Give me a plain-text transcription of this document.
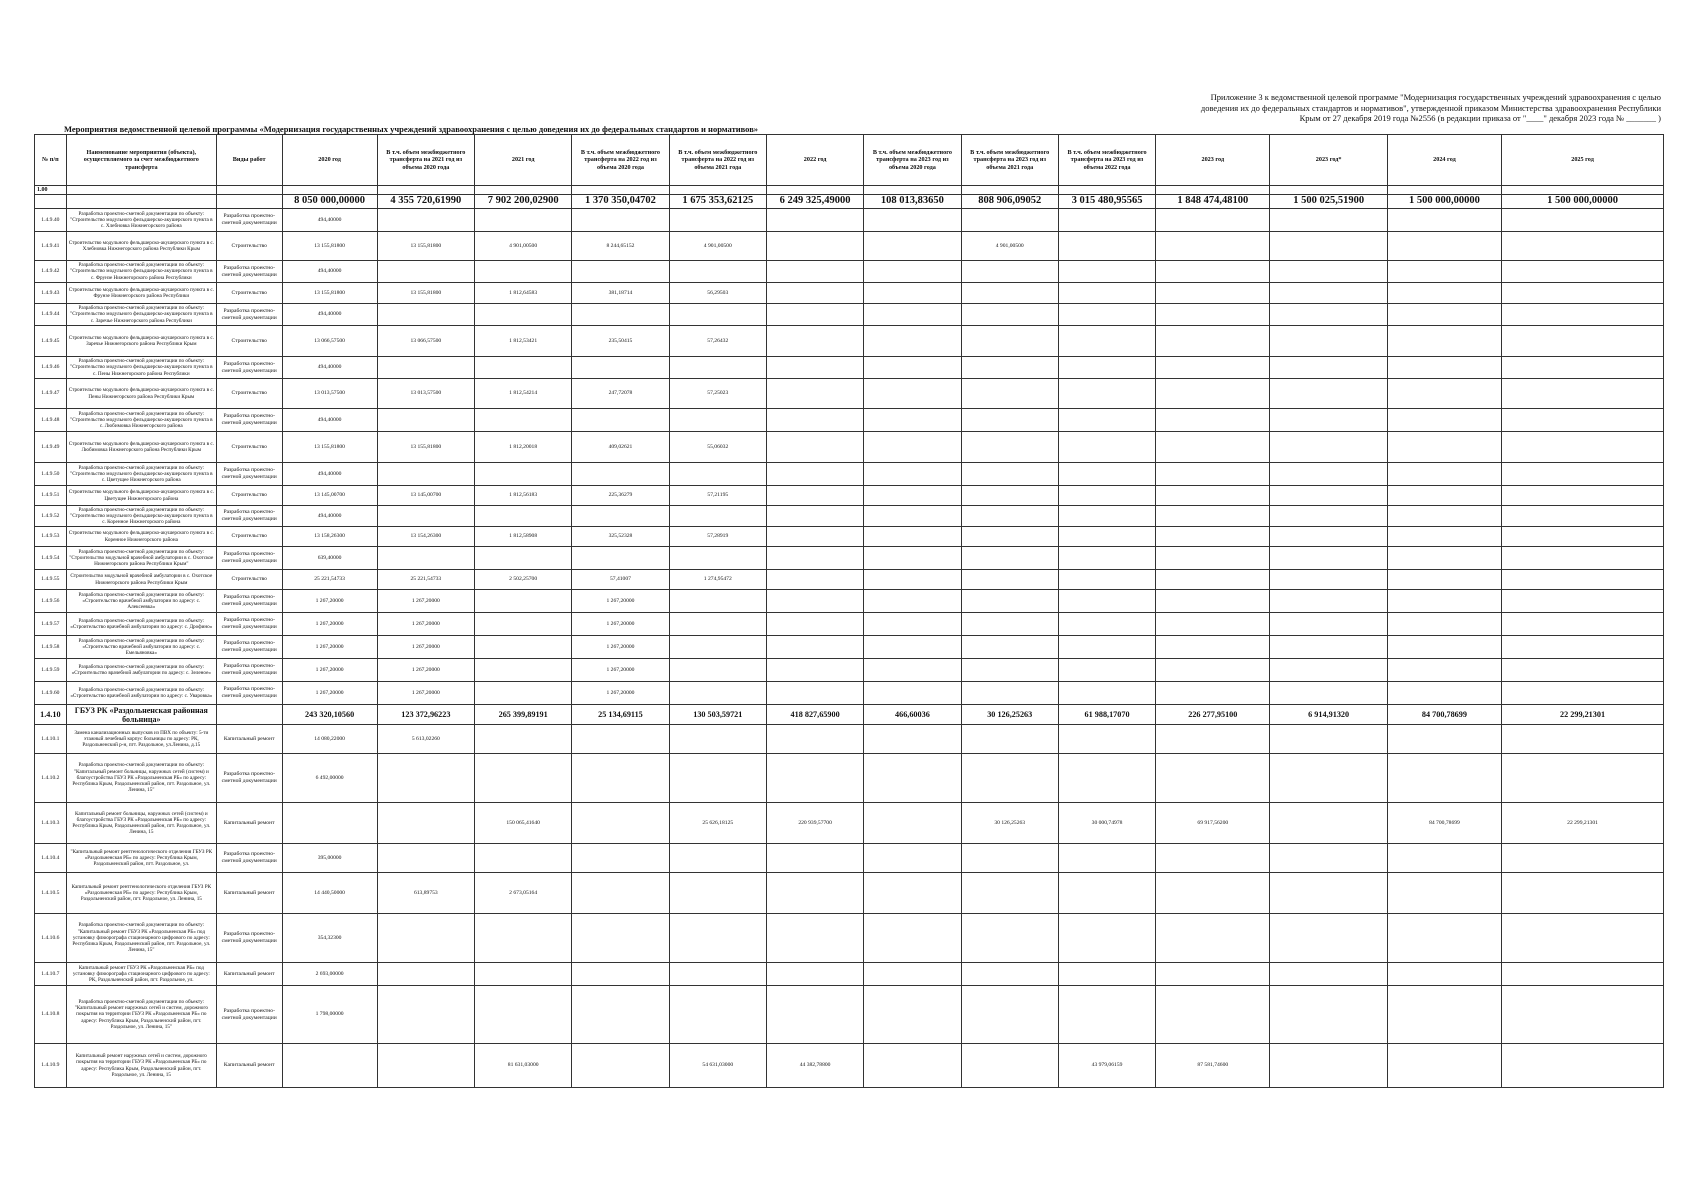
Приложение 3 к ведомственной целевой программе "Модернизация государственных учреждений здравоохранения с целью доведения их до федеральных стандартов и нормативов", утвержденной приказом Министерства здравоохранения Республики Крым от 27 декабря 2019 года №2556 (в редакции приказа от "____" декабря 2023 года № _______ )
Мероприятия ведомственной целевой программы «Модернизация государственных учреждений здравоохранения с целью доведения их до федеральных стандартов и нормативов»
№ п/п	Наименование мероприятия (объекта), осуществляемого за счет межбюджетного трансферта	Виды работ	2020 год	В т.ч. объем межбюджетного трансферта на 2021 год из объема 2020 года	2021 год	В т.ч. объем межбюджетного трансферта на 2022 год из объема 2020 года	В т.ч. объем межбюджетного трансферта на 2022 год из объема 2021 года	2022 год	В т.ч. объем межбюджетного трансферта на 2023 год из объема 2020 года	В т.ч. объем межбюджетного трансферта на 2023 год из объема 2021 года	В т.ч. объем межбюджетного трансферта на 2023 год из объема 2022 года	2023 год	2023 год*	2024 год	2025 год
1.00															
			8 050 000,00000	4 355 720,61990	7 902 200,02900	1 370 350,04702	1 675 353,62125	6 249 325,49000	108 013,83650	808 906,09052	3 015 480,95565	1 848 474,48100	1 500 025,51900	1 500 000,00000	1 500 000,00000
1.4.9.40	Разработка проектно-сметной документации по объекту: "Строительство модульного фельдшерско-акушерского пункта в с. Хлебновка Нижнегорского района	Разработка проектно-сметной документации	494,40000												
1.4.9.41	Строительство модульного фельдшерско-акушерского пункта в с. Хлебновка Нижнегорского района Республики Крым	Строительство	13 155,81800	13 155,81800	4 901,00500	8 244,65152	4 901,00500			4 901,00500					
1.4.9.42	Разработка проектно-сметной документации по объекту: "Строительство модульного фельдшерско-акушерского пункта в с. Фрунзе Нижнегорского района Республики	Разработка проектно-сметной документации	494,40000												
1.4.9.43	Строительство модульного фельдшерско-акушерского пункта в с. Фрунзе Нижнегорского района Республики	Строительство	13 155,81800	13 155,81800	1 812,64583	381,18714	56,29503								
1.4.9.44	Разработка проектно-сметной документации по объекту: "Строительство модульного фельдшерско-акушерского пункта в с. Заречье Нижнегорского района Республики	Разработка проектно-сметной документации	494,40000												
1.4.9.45	Строительство модульного фельдшерско-акушерского пункта в с. Заречье Нижнегорского района Республики Крым	Строительство	13 066,57500	13 066,57500	1 812,53421	235,50415	57,26432								
1.4.9.46	Разработка проектно-сметной документации по объекту: "Строительство модульного фельдшерско-акушерского пункта в с. Пены Нижнегорского района Республики	Разработка проектно-сметной документации	494,40000												
1.4.9.47	Строительство модульного фельдшерско-акушерского пункта в с. Пены Нижнегорского района Республики Крым	Строительство	13 013,57500	13 013,57500	1 812,54214	247,72078	57,25023								
1.4.9.48	Разработка проектно-сметной документации по объекту: "Строительство модульного фельдшерско-акушерского пункта в с. Любимовка Нижнегорского района	Разработка проектно-сметной документации	494,40000												
1.4.9.49	Строительство модульного фельдшерско-акушерского пункта в с. Любимовка Нижнегорского района Республики Крым	Строительство	13 155,81800	13 155,81800	1 812,20018	409,02621	55,06032								
1.4.9.50	Разработка проектно-сметной документации по объекту: "Строительство модульного фельдшерско-акушерского пункта в с. Цветущее Нижнегорского района	Разработка проектно-сметной документации	494,40000												
1.4.9.51	Строительство модульного фельдшерско-акушерского пункта в с. Цветущее Нижнегорского района	Строительство	13 145,00700	13 145,00700	1 812,56183	225,36279	57,21195								
1.4.9.52	Разработка проектно-сметной документации по объекту: "Строительство модульного фельдшерско-акушерского пункта в с. Коренное Нижнегорского района	Разработка проектно-сметной документации	494,40000												
1.4.9.53	Строительство модульного фельдшерско-акушерского пункта в с. Коренное Нижнегорского района	Строительство	13 158,26300	13 154,26300	1 812,58908	325,52328	57,28919								
1.4.9.54	Разработка проектно-сметной документации по объекту: "Строительство модульной врачебной амбулатории в с. Охотское Нижнегорского района Республики Крым"	Разработка проектно-сметной документации	639,40000												
1.4.9.55	Строительство модульной врачебной амбулатории в с. Охотское Нижнегорского района Республики Крым	Строительство	25 221,54733	25 221,54733	2 502,25700	57,41007	1 274,95472								
1.4.9.56	Разработка проектно-сметной документации по объекту: «Строительство врачебной амбулатории по адресу: с. Алексеевка»	Разработка проектно-сметной документации	1 267,20000	1 267,20000		1 267,20000									
1.4.9.57	Разработка проектно-сметной документации по объекту: «Строительство врачебной амбулатории по адресу: с. Дрофино»	Разработка проектно-сметной документации	1 267,20000	1 267,20000		1 267,20000									
1.4.9.58	Разработка проектно-сметной документации по объекту: «Строительство врачебной амбулатории по адресу: с. Емельяновка»	Разработка проектно-сметной документации	1 267,20000	1 267,20000		1 267,20000									
1.4.9.59	Разработка проектно-сметной документации по объекту: «Строительство врачебной амбулатории по адресу: с. Зеленое»	Разработка проектно-сметной документации	1 267,20000	1 267,20000		1 267,20000									
1.4.9.60	Разработка проектно-сметной документации по объекту: «Строительство врачебной амбулатории по адресу: с. Уваровка»	Разработка проектно-сметной документации	1 267,20000	1 267,20000		1 267,20000									
1.4.10	ГБУЗ РК «Раздольненская районная больница»		243 320,10560	123 372,96223	265 399,89191	25 134,69115	130 503,59721	418 827,65900	466,60036	30 126,25263	61 988,17070	226 277,95100	6 914,91320	84 700,78699	22 299,21301
1.4.10.1	Замена канализационных выпусков из ПВХ по объекту: 5-ти этажный лечебный корпус больницы по адресу: РК, Раздольненский р-н, пгт. Раздольное, ул.Ленина, д.15	Капитальный ремонт	14 080,22000	5 613,02260											
1.4.10.2	Разработка проектно-сметной документации по объекту: "Капитальный ремонт больницы, наружных сетей (систем) и благоустройства ГБУЗ РК «Раздольненская РБ» по адресу: Республика Крым, Раздольненский район, пгт. Раздольное, ул. Ленина, 15"	Разработка проектно-сметной документации	6 492,00000												
1.4.10.3	Капитальный ремонт больницы, наружных сетей (систем) и благоустройства ГБУЗ РК «Раздольненская РБ» по адресу: Республика Крым, Раздольненский район, пгт. Раздольное, ул. Ленина, 15	Капитальный ремонт			150 065,41640		25 626,18125	220 939,57700		30 126,25263	30 000,74978	69 917,56200		84 700,78699	22 299,21301
1.4.10.4	"Капитальный ремонт рентгенологического отделения ГБУЗ РК «Раздольненская РБ» по адресу: Республика Крым, Раздольненский район, пгт. Раздольное, ул.	Разработка проектно-сметной документации	395,00000												
1.4.10.5	Капитальный ремонт рентгенологического отделения ГБУЗ РК «Раздольненская РБ» по адресу: Республика Крым, Раздольненский район, пгт. Раздольное, ул. Ленина, 15	Капитальный ремонт	14 440,50000	613,89753	2 673,05164										
1.4.10.6	Разработка проектно-сметной документации по объекту: "Капитальный ремонт ГБУЗ РК «Раздольненская РБ» под установку флюорографа стационарного цифрового по адресу: Республика Крым, Раздольненский район, пгт. Раздольное, ул. Ленина, 15"	Разработка проектно-сметной документации	354,32300												
1.4.10.7	Капитальный ремонт ГБУЗ РК «Раздольненская РБ» под установку флюорографа стационарного цифрового по адресу: РК, Раздольненский район, пгт. Раздольное, ул.	Капитальный ремонт	2 693,00000												
1.4.10.8	Разработка проектно-сметной документации по объекту: "Капитальный ремонт наружных сетей и систем, дорожного покрытия на территории ГБУЗ РК «Раздольненская РБ» по адресу: Республика Крым, Раздольненский район, пгт. Раздольное, ул. Ленина, 15"	Разработка проектно-сметной документации	1 798,00000												
1.4.10.9	Капитальный ремонт наружных сетей и систем, дорожного покрытия на территории ГБУЗ РК «Раздольненская РБ» по адресу: Республика Крым, Раздольненский район, пгт. Раздольное, ул. Ленина, 15	Капитальный ремонт			81 631,03000		54 631,03000	44 382,78800			43 979,06159	87 581,74600			
